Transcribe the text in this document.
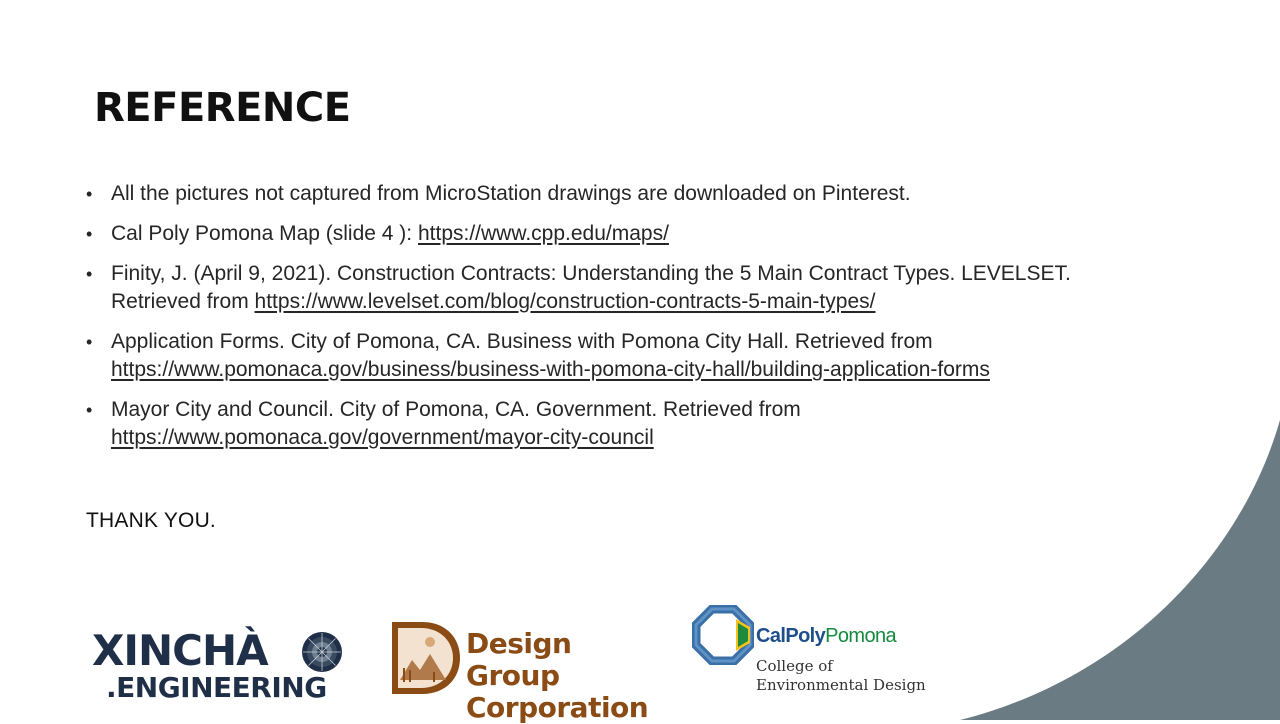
REFERENCE
• All the pictures not captured from MicroStation drawings are downloaded on Pinterest.
• Cal Poly Pomona Map (slide 4 ): https://www.cpp.edu/maps/
• Finity, J. (April 9, 2021). Construction Contracts: Understanding the 5 Main Contract Types. LEVELSET. Retrieved from https://www.levelset.com/blog/construction-contracts-5-main-types/
• Application Forms. City of Pomona, CA. Business with Pomona City Hall. Retrieved from https://www.pomonaca.gov/business/business-with-pomona-city-hall/building-application-forms
• Mayor City and Council. City of Pomona, CA. Government. Retrieved from https://www.pomonaca.gov/government/mayor-city-council
THANK YOU.
XINCHÀ
.ENGINEERING
Design Group
Corporation
CalPolyPomona
College of
Environmental Design
